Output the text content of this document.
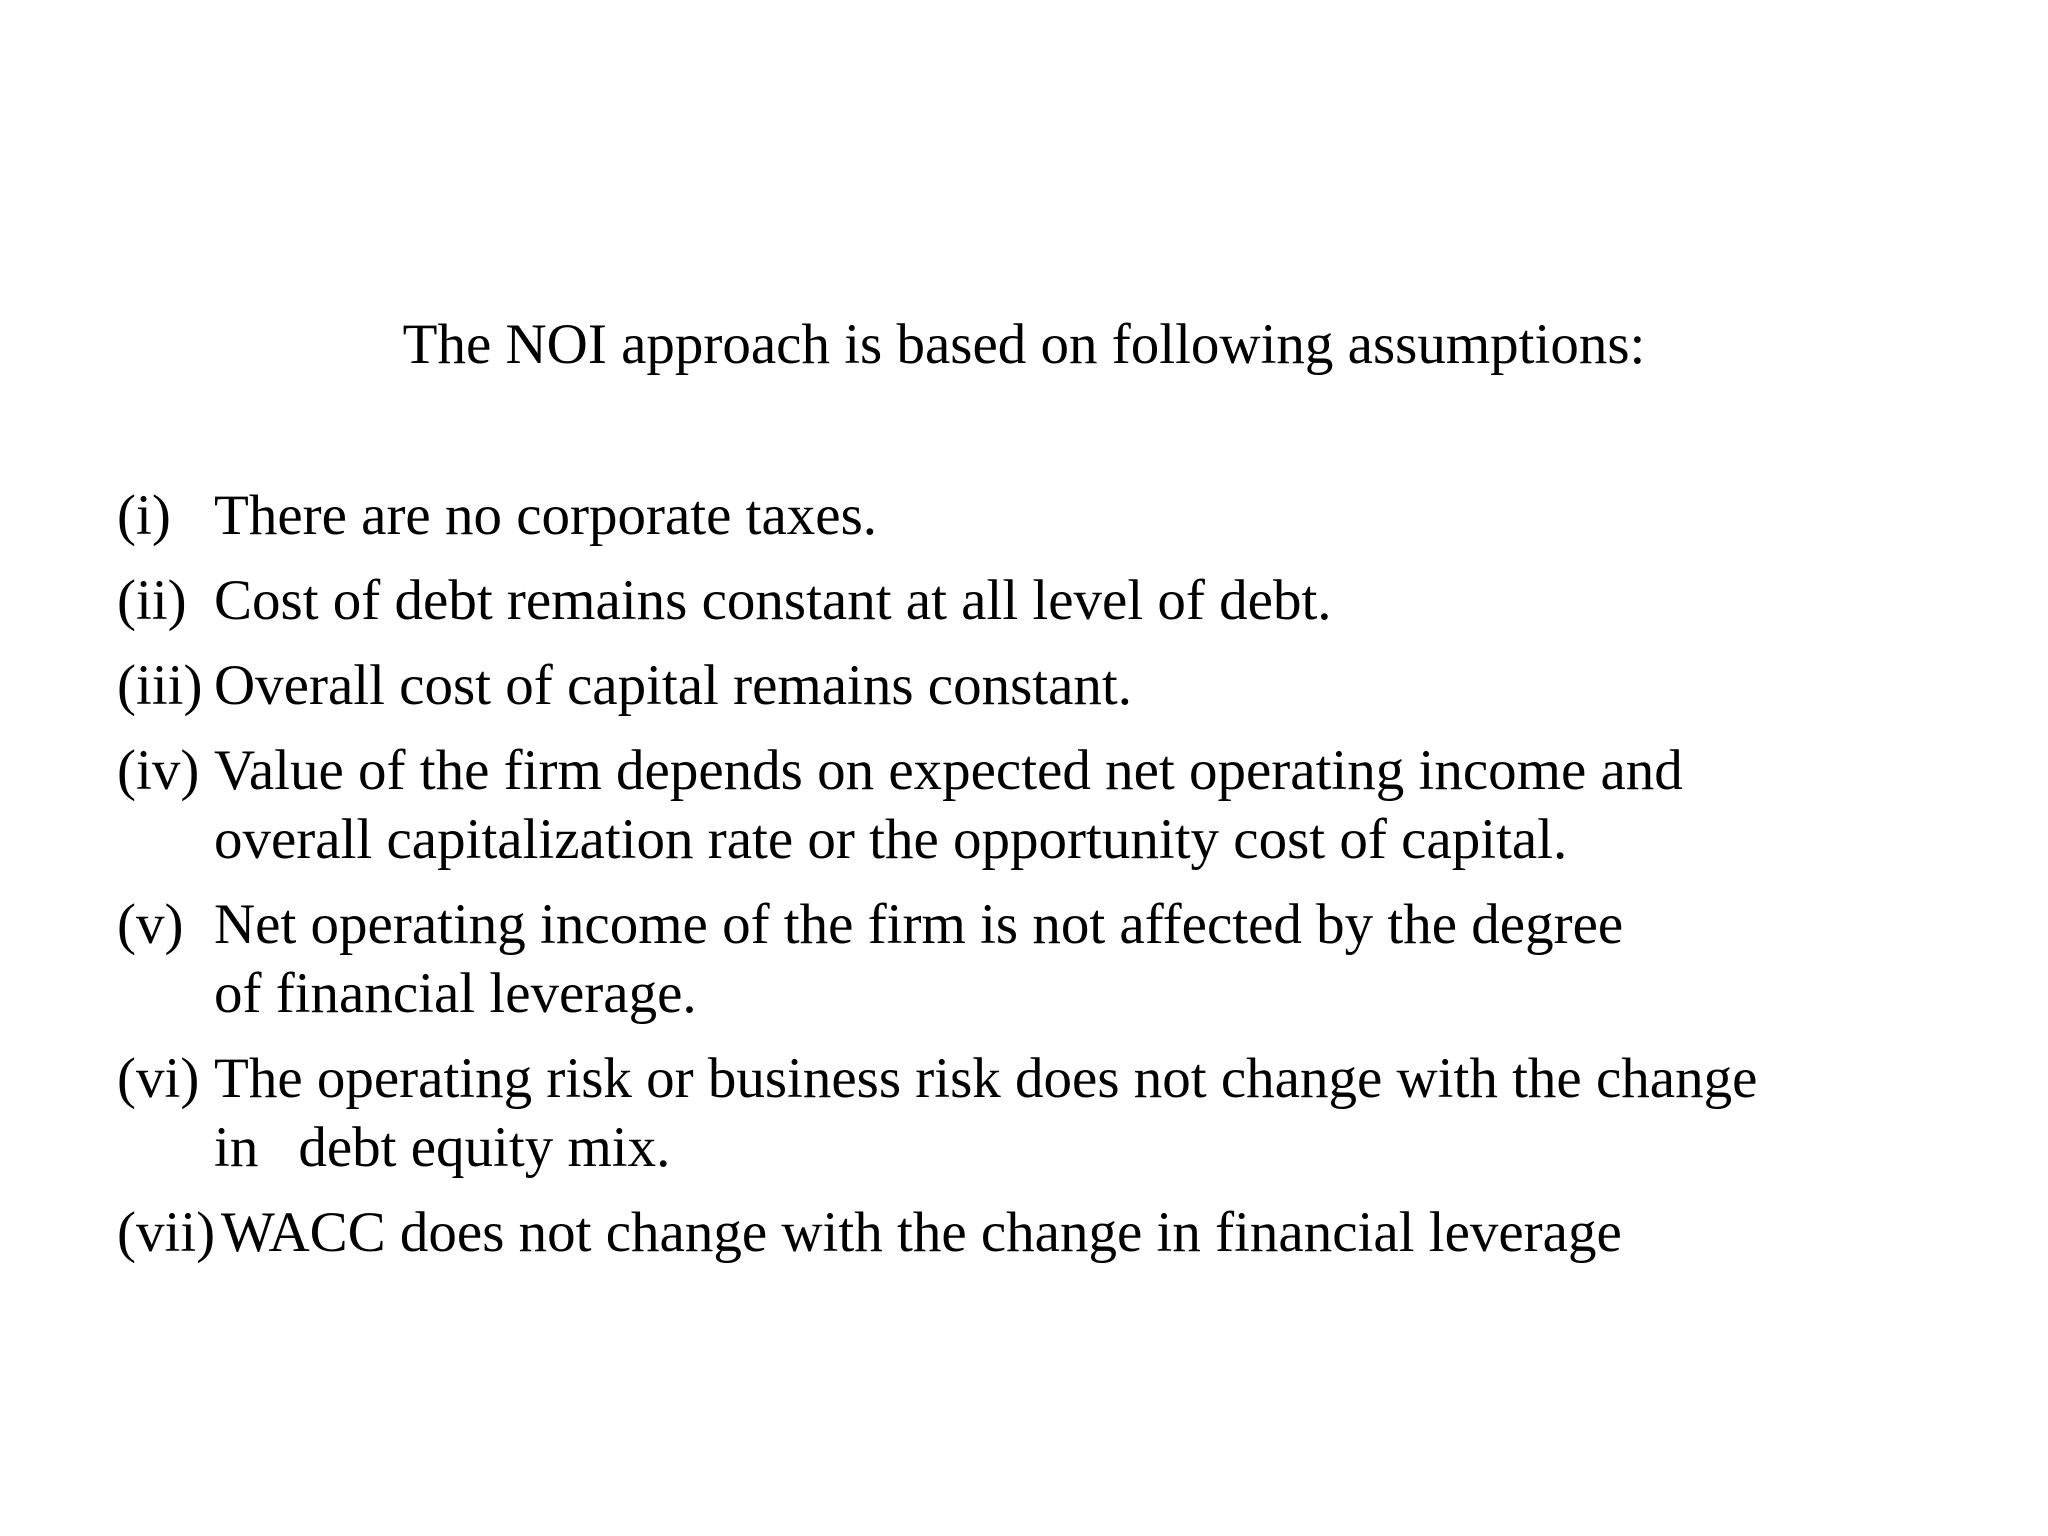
The NOI approach is based on following assumptions:
(i) There are no corporate taxes.
(ii) Cost of debt remains constant at all level of debt.
(iii) Overall cost of capital remains constant.
(iv) Value of the firm depends on expected net operating income and
overall capitalization rate or the opportunity cost of capital.
(v) Net operating income of the firm is not affected by the degree
of financial leverage.
(vi) The operating risk or business risk does not change with the change
in debt equity mix.
(vii) WACC does not change with the change in financial leverage
